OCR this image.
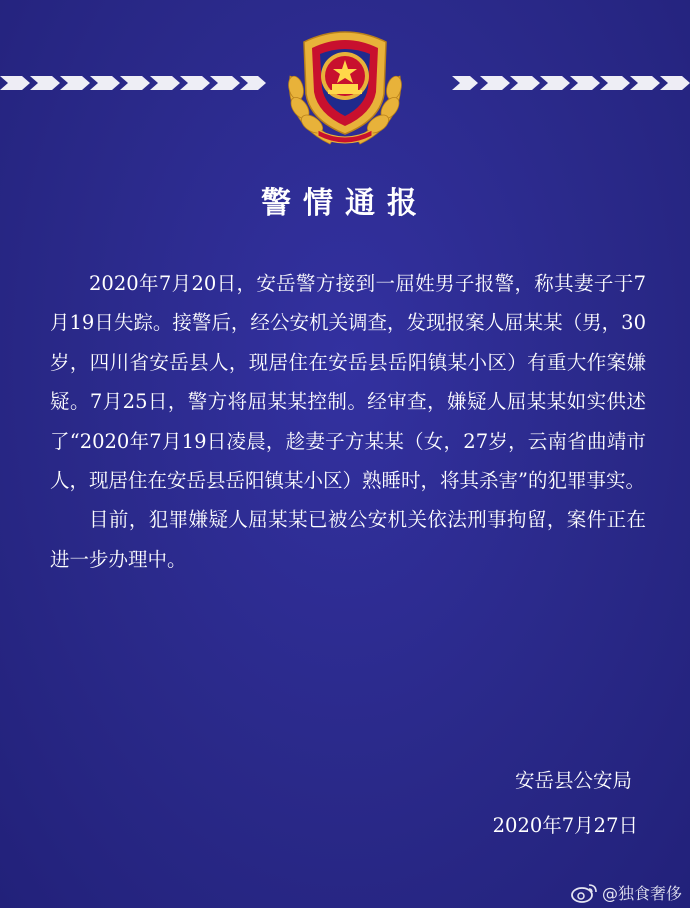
警情通报

2020年7月20日，安岳警方接到一屈姓男子报警，称其妻子于7月19日失踪。接警后，经公安机关调查，发现报案人屈某某（男，30岁，四川省安岳县人，现居住在安岳县岳阳镇某小区）有重大作案嫌疑。7月25日，警方将屈某某控制。经审查，嫌疑人屈某某如实供述了“2020年7月19日凌晨，趁妻子方某某（女，27岁，云南省曲靖市人，现居住在安岳县岳阳镇某小区）熟睡时，将其杀害”的犯罪事实。

目前，犯罪嫌疑人屈某某已被公安机关依法刑事拘留，案件正在进一步办理中。

安岳县公安局
2020年7月27日
@独食奢侈
